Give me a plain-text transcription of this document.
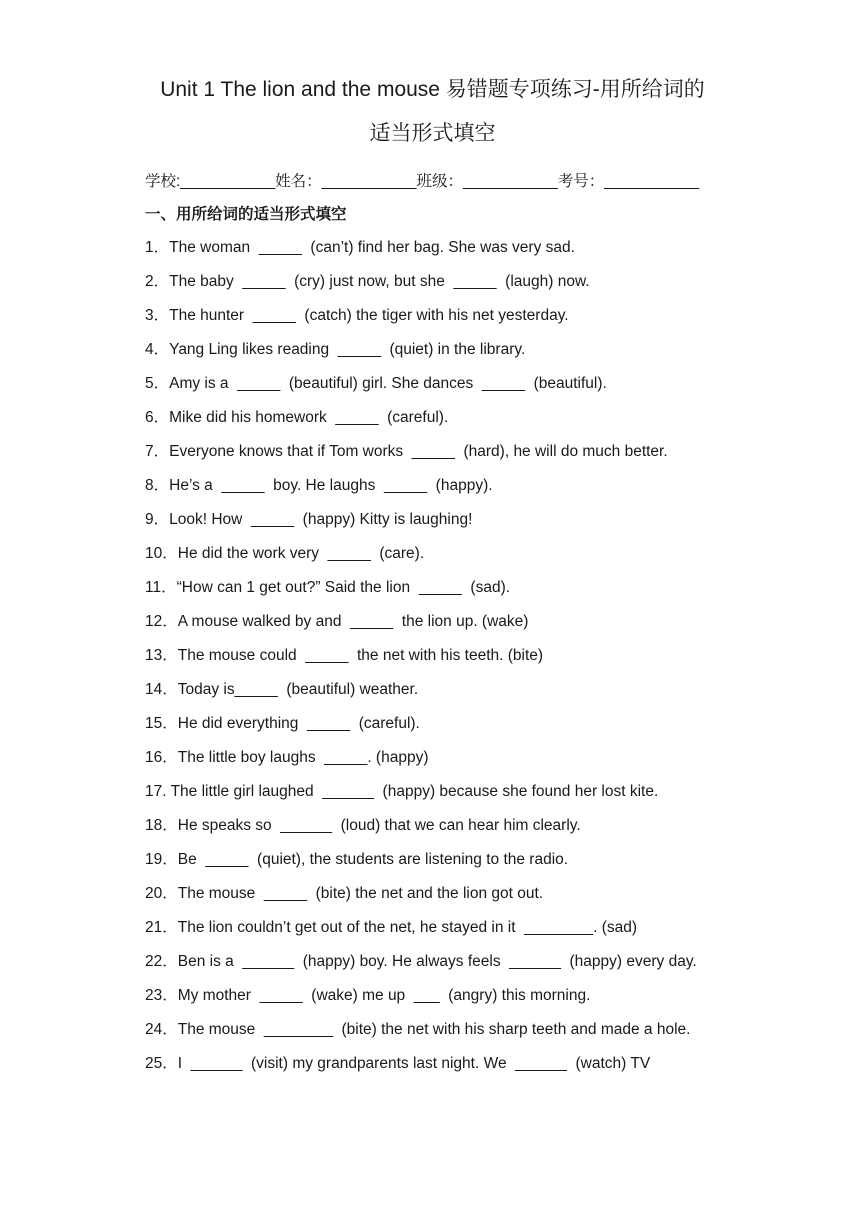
Unit 1 The lion and the mouse 易错题专项练习-用所给词的
适当形式填空
学校:___________姓名：___________班级：___________考号：___________
一、用所给词的适当形式填空

1．The woman  _____  (can’t) find her bag. She was very sad.

2．The baby  _____  (cry) just now, but she  _____  (laugh) now.

3．The hunter  _____  (catch) the tiger with his net yesterday.

4．Yang Ling likes reading  _____  (quiet) in the library.

5．Amy is a  _____  (beautiful) girl. She dances  _____  (beautiful).

6．Mike did his homework  _____  (careful).

7．Everyone knows that if Tom works  _____  (hard), he will do much better.

8．He’s a  _____  boy. He laughs  _____  (happy).

9．Look! How  _____  (happy) Kitty is laughing!

10．He did the work very  _____  (care).

11．“How can 1 get out?” Said the lion  _____  (sad).

12．A mouse walked by and  _____  the lion up. (wake)

13．The mouse could  _____  the net with his teeth. (bite)

14．Today is_____  (beautiful) weather.

15．He did everything  _____  (careful).

16．The little boy laughs  _____. (happy)

17. The little girl laughed  ______  (happy) because she found her lost kite.

18．He speaks so  ______  (loud) that we can hear him clearly.

19．Be  _____  (quiet), the students are listening to the radio.

20．The mouse  _____  (bite) the net and the lion got out.

21．The lion couldn’t get out of the net, he stayed in it  ________. (sad)

22．Ben is a  ______  (happy) boy. He always feels  ______  (happy) every day.

23．My mother  _____  (wake) me up  ___  (angry) this morning.

24．The mouse  ________  (bite) the net with his sharp teeth and made a hole.

25．I  ______  (visit) my grandparents last night. We  ______  (watch) TV
